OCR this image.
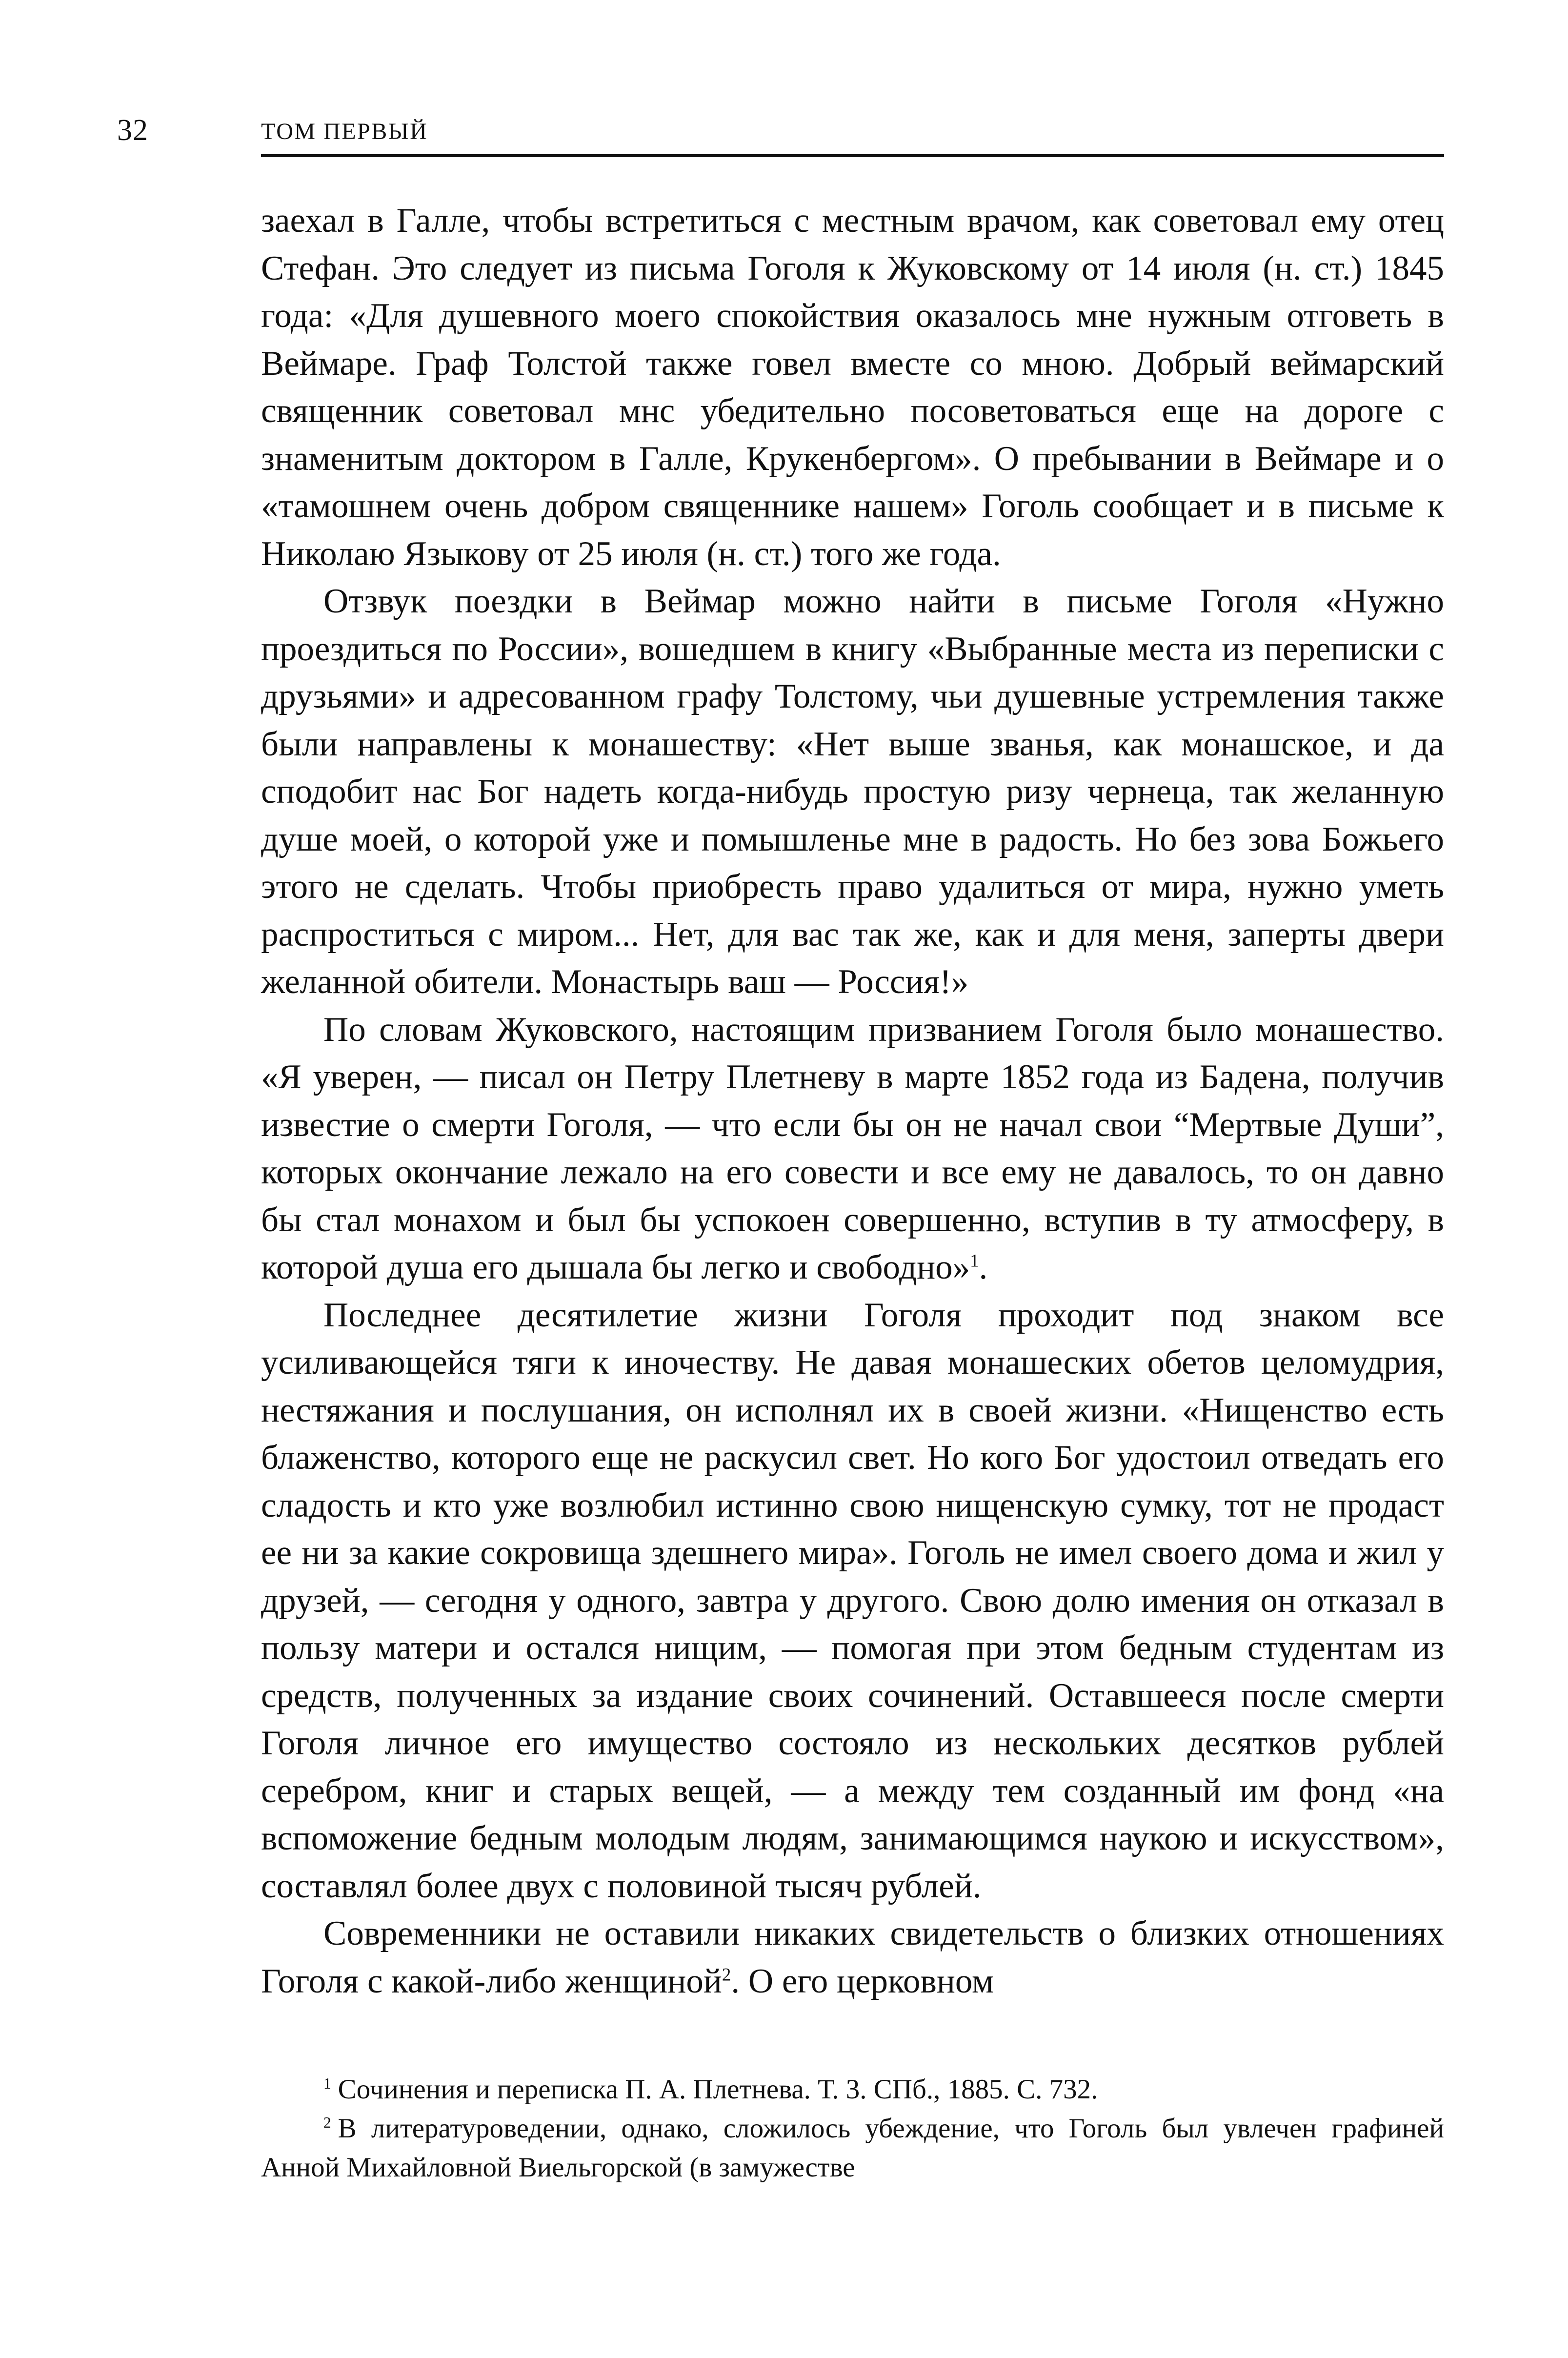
32	ТОМ ПЕРВЫЙ

заехал в Галле, чтобы встретиться с местным врачом, как советовал ему отец Стефан. Это следует из письма Гоголя к Жуковскому от 14 июля (н. ст.) 1845 года: «Для душевного моего спокойствия оказалось мне нужным отговеть в Веймаре. Граф Толстой также говел вместе со мною. Добрый веймарский священник советовал мнс убедительно посоветоваться еще на дороге с знаменитым доктором в Галле, Крукенбергом». О пребывании в Веймаре и о «тамошнем очень добром священнике нашем» Гоголь сообщает и в письме к Николаю Языкову от 25 июля (н. ст.) того же года.

Отзвук поездки в Веймар можно найти в письме Гоголя «Нужно проездиться по России», вошедшем в книгу «Выбранные места из переписки с друзьями» и адресованном графу Толстому, чьи душевные устремления также были направлены к монашеству: «Нет выше званья, как монашское, и да сподобит нас Бог надеть когда-нибудь простую ризу чернеца, так желанную душе моей, о которой уже и помышленье мне в радость. Но без зова Божьего этого не сделать. Чтобы приобресть право удалиться от мира, нужно уметь распроститься с миром... Нет, для вас так же, как и для меня, заперты двери желанной обители. Монастырь ваш — Россия!»

По словам Жуковского, настоящим призванием Гоголя было монашество. «Я уверен, — писал он Петру Плетневу в марте 1852 года из Бадена, получив известие о смерти Гоголя, — что если бы он не начал свои “Мертвые Души”, которых окончание лежало на его совести и все ему не давалось, то он давно бы стал монахом и был бы успокоен совершенно, вступив в ту атмосферу, в которой душа его дышала бы легко и свободно»$^1$.

Последнее десятилетие жизни Гоголя проходит под знаком все усиливающейся тяги к иночеству. Не давая монашеских обетов целомудрия, нестяжания и послушания, он исполнял их в своей жизни. «Нищенство есть блаженство, которого еще не раскусил свет. Но кого Бог удостоил отведать его сладость и кто уже возлюбил истинно свою нищенскую сумку, тот не продаст ее ни за какие сокровища здешнего мира». Гоголь не имел своего дома и жил у друзей, — сегодня у одного, завтра у другого. Свою долю имения он отказал в пользу матери и остался нищим, — помогая при этом бедным студентам из средств, полученных за издание своих сочинений. Оставшееся после смерти Гоголя личное его имущество состояло из нескольких десятков рублей серебром, книг и старых вещей, — а между тем созданный им фонд «на вспоможение бедным молодым людям, занимающимся наукою и искусством», составлял более двух с половиной тысяч рублей.

Современники не оставили никаких свидетельств о близких отношениях Гоголя с какой-либо женщиной$^2$. О его церковном

$^1$ Сочинения и переписка П. А. Плетнева. Т. 3. СПб., 1885. С. 732.

$^2$ В литературоведении, однако, сложилось убеждение, что Гоголь был увлечен графиней Анной Михайловной Виельгорской (в замужестве
